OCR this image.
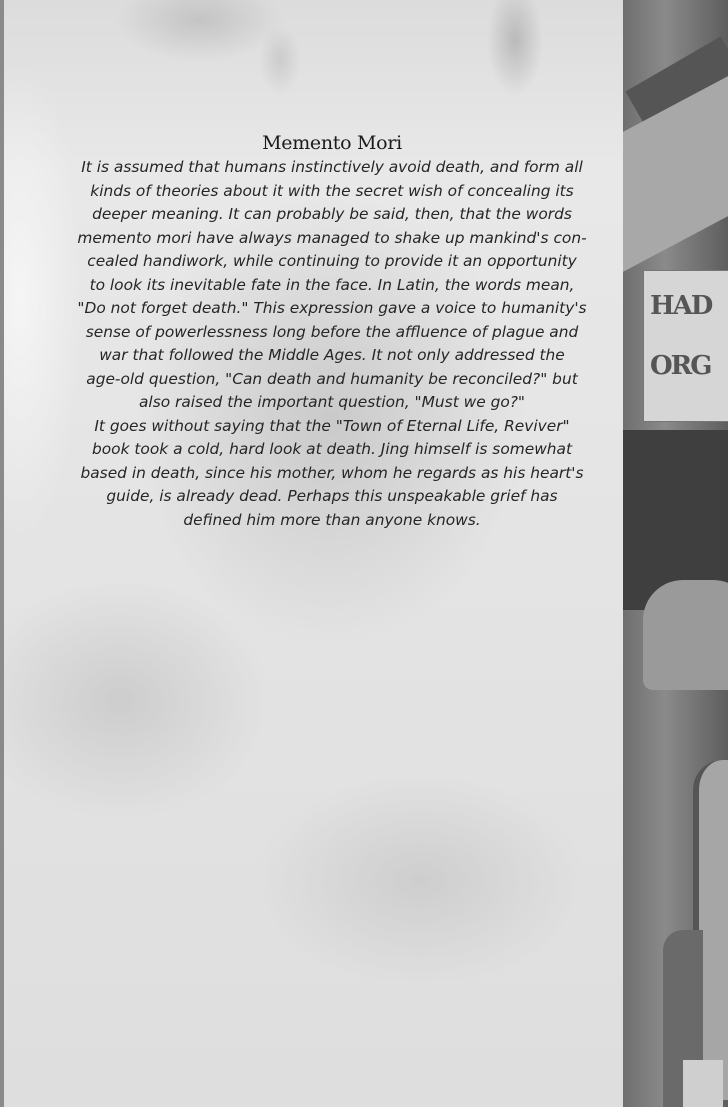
Memento Mori
It is assumed that humans instinctively avoid death, and form all
kinds of theories about it with the secret wish of concealing its
deeper meaning. It can probably be said, then, that the words
memento mori have always managed to shake up mankind's con-
cealed handiwork, while continuing to provide it an opportunity
to look its inevitable fate in the face. In Latin, the words mean,
"Do not forget death." This expression gave a voice to humanity's
sense of powerlessness long before the affluence of plague and
war that followed the Middle Ages. It not only addressed the
age-old question, "Can death and humanity be reconciled?" but
also raised the important question, "Must we go?"
It goes without saying that the "Town of Eternal Life, Reviver"
book took a cold, hard look at death. Jing himself is somewhat
based in death, since his mother, whom he regards as his heart's
guide, is already dead. Perhaps this unspeakable grief has
defined him more than anyone knows.
HAD
ORG
